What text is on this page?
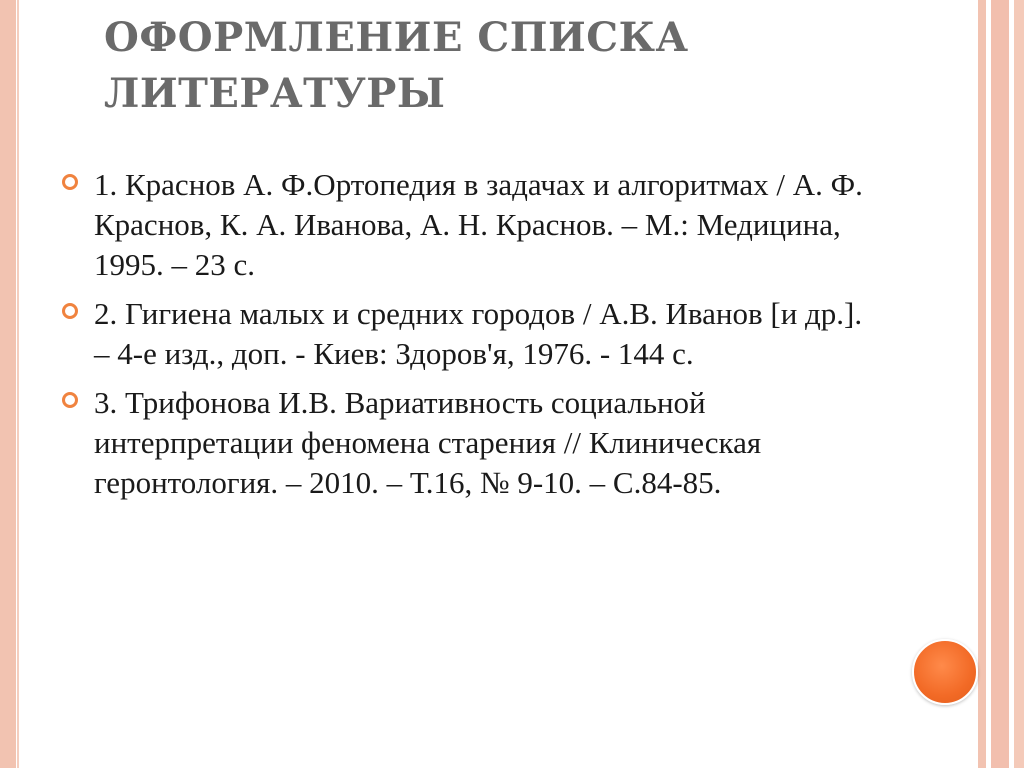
ОФОРМЛЕНИЕ СПИСКА ЛИТЕРАТУРЫ
1. Краснов А. Ф.Ортопедия в задачах и алгоритмах / А. Ф. Краснов, К. А. Иванова, А. Н. Краснов. – М.: Медицина, 1995. – 23 с.
2. Гигиена малых и средних городов / А.В. Иванов [и др.]. – 4-е изд., доп. - Киев: Здоров'я, 1976. - 144 с.
3. Трифонова И.В. Вариативность социальной интерпретации феномена старения // Клиническая геронтология. – 2010. – Т.16, № 9-10. – С.84-85.
